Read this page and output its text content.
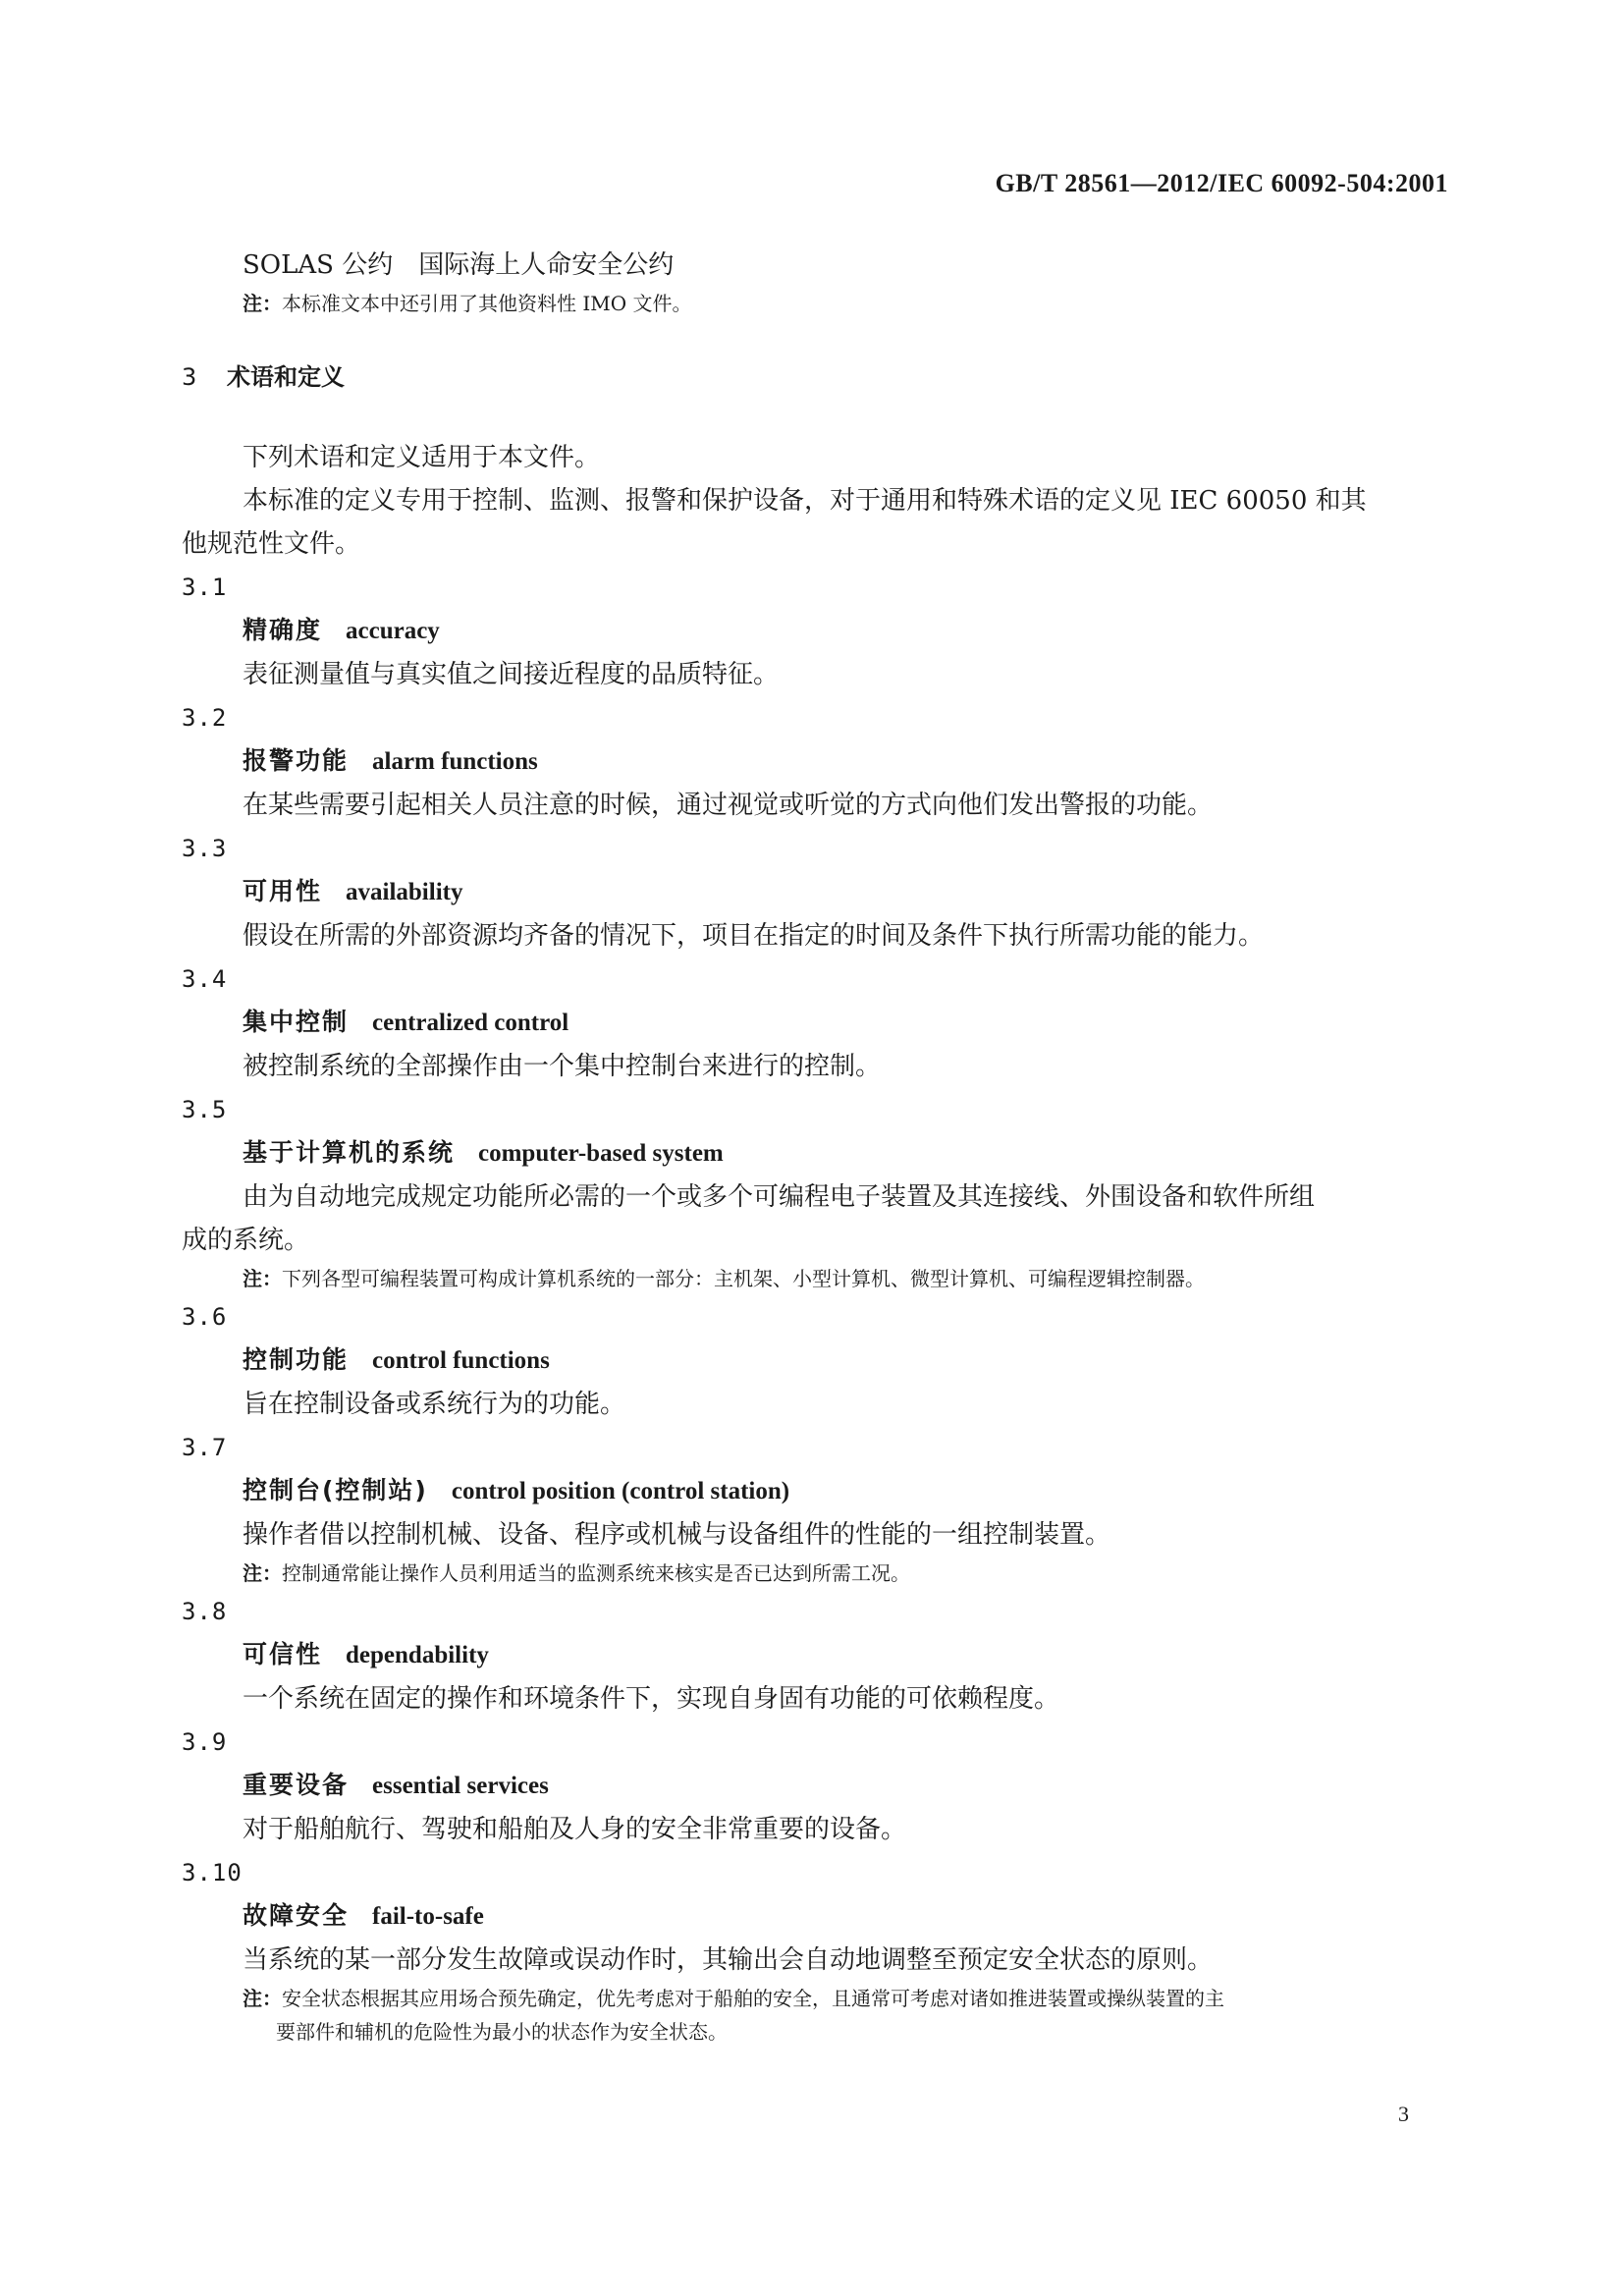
GB/T 28561—2012/IEC 60092-504:2001
SOLAS 公约　国际海上人命安全公约
注：本标准文本中还引用了其他资料性 IMO 文件。
3 术语和定义
下列术语和定义适用于本文件。
本标准的定义专用于控制、监测、报警和保护设备，对于通用和特殊术语的定义见 IEC 60050 和其
他规范性文件。
3.1
精确度 accuracy
表征测量值与真实值之间接近程度的品质特征。
3.2
报警功能 alarm functions
在某些需要引起相关人员注意的时候，通过视觉或听觉的方式向他们发出警报的功能。
3.3
可用性 availability
假设在所需的外部资源均齐备的情况下，项目在指定的时间及条件下执行所需功能的能力。
3.4
集中控制 centralized control
被控制系统的全部操作由一个集中控制台来进行的控制。
3.5
基于计算机的系统 computer-based system
由为自动地完成规定功能所必需的一个或多个可编程电子装置及其连接线、外围设备和软件所组
成的系统。
注：下列各型可编程装置可构成计算机系统的一部分：主机架、小型计算机、微型计算机、可编程逻辑控制器。
3.6
控制功能 control functions
旨在控制设备或系统行为的功能。
3.7
控制台(控制站) control position (control station)
操作者借以控制机械、设备、程序或机械与设备组件的性能的一组控制装置。
注：控制通常能让操作人员利用适当的监测系统来核实是否已达到所需工况。
3.8
可信性 dependability
一个系统在固定的操作和环境条件下，实现自身固有功能的可依赖程度。
3.9
重要设备 essential services
对于船舶航行、驾驶和船舶及人身的安全非常重要的设备。
3.10
故障安全 fail-to-safe
当系统的某一部分发生故障或误动作时，其输出会自动地调整至预定安全状态的原则。
注：安全状态根据其应用场合预先确定，优先考虑对于船舶的安全，且通常可考虑对诸如推进装置或操纵装置的主
要部件和辅机的危险性为最小的状态作为安全状态。
3
